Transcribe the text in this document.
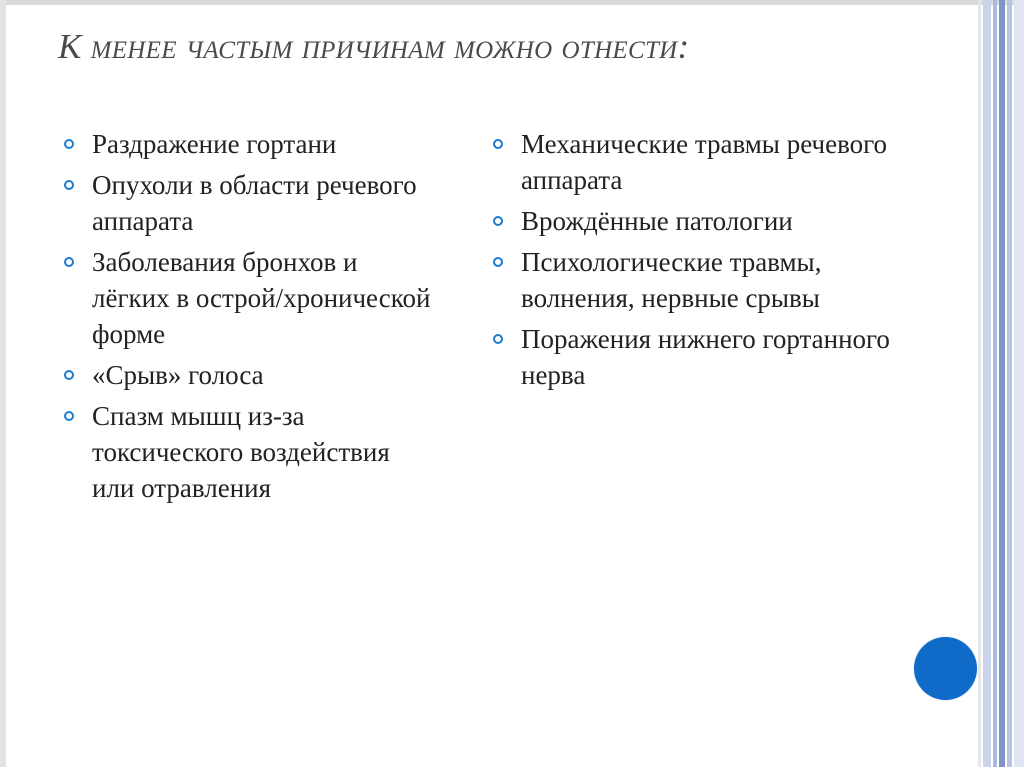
К менее частым причинам можно отнести:
Раздражение гортани
Опухоли в области речевого аппарата
Заболевания бронхов и лёгких в острой/хронической форме
«Срыв» голоса
Спазм мышц из-за токсического воздействия или отравления
Механические травмы речевого аппарата
Врождённые патологии
Психологические травмы, волнения, нервные срывы
Поражения нижнего гортанного нерва
